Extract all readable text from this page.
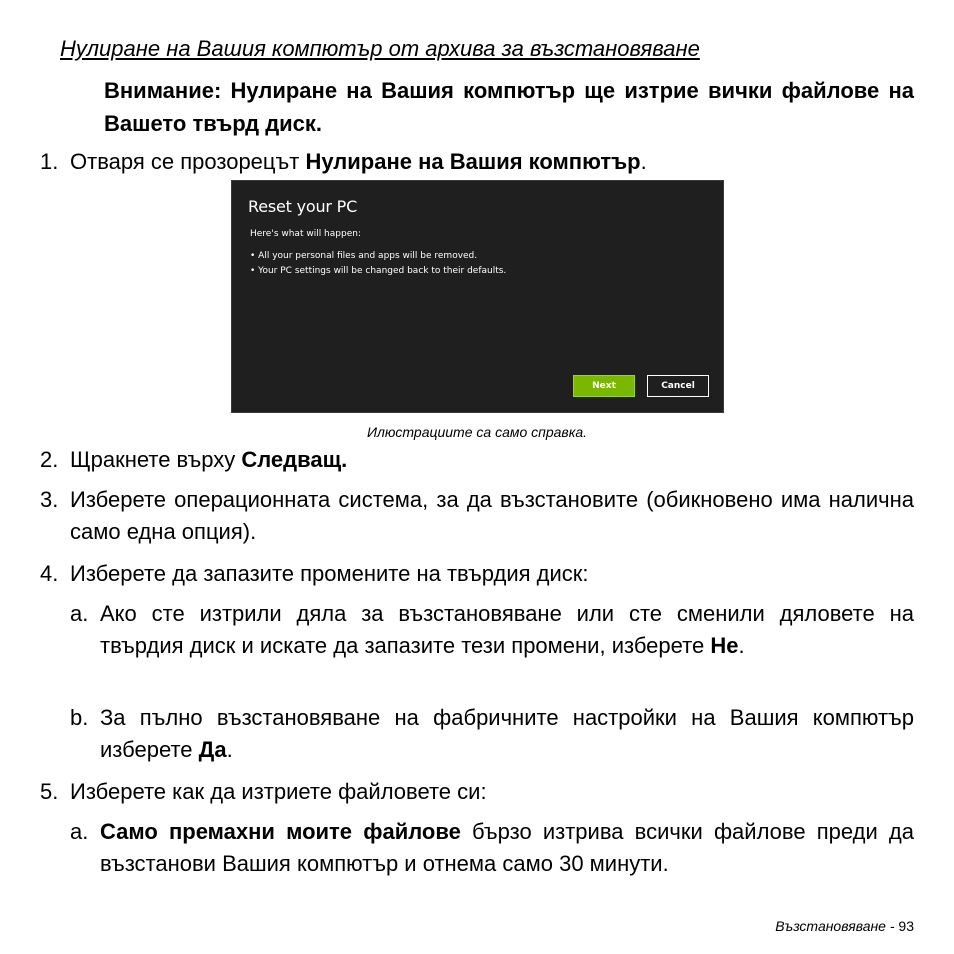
Нулиране на Вашия компютър от архива за възстановяване
Внимание: Нулиране на Вашия компютър ще изтрие вички файлове на Вашето твърд диск.
1. Отваря се прозорецът Нулиране на Вашия компютър.
Reset your PC
Here's what will happen:
• All your personal files and apps will be removed.
• Your PC settings will be changed back to their defaults.
Next	Cancel
Илюстрациите са само справка.
2. Щракнете върху Следващ.
3. Изберете операционната система, за да възстановите (обикновено има налична само една опция).
4. Изберете да запазите промените на твърдия диск:
a. Ако сте изтрили дяла за възстановяване или сте сменили дяловете на твърдия диск и искате да запазите тези промени, изберете Не.
b. За пълно възстановяване на фабричните настройки на Вашия компютър изберете Да.
5. Изберете как да изтриете файловете си:
a. Само премахни моите файлове бързо изтрива всички файлове преди да възстанови Вашия компютър и отнема само 30 минути.
Възстановяване - 93
